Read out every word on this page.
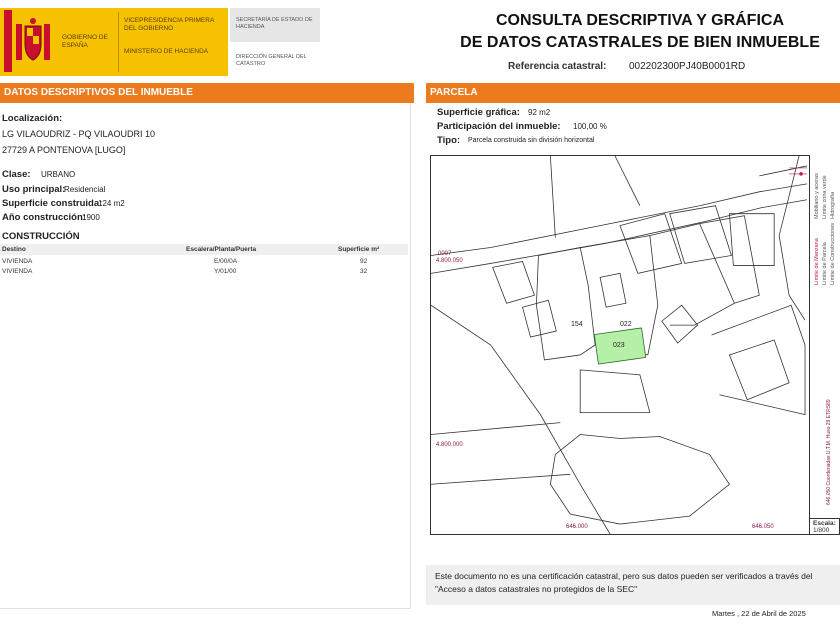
GOBIERNO DE ESPAÑA
VICEPRESIDENCIA PRIMERA DEL GOBIERNO
MINISTERIO DE HACIENDA
SECRETARÍA DE ESTADO DE HACIENDA
DIRECCIÓN GENERAL DEL CATASTRO
CONSULTA DESCRIPTIVA Y GRÁFICA
DE DATOS CATASTRALES DE BIEN INMUEBLE
Referencia catastral: 002202300PJ40B0001RD
DATOS DESCRIPTIVOS DEL INMUEBLE
Localización:
LG VILAOUDRIZ - PQ VILAOUDRI 10
27729 A PONTENOVA [LUGO]
Clase: URBANO
Uso principal:
Residencial
Superficie construida:
124 m2
Año construcción:
1900
CONSTRUCCIÓN
Destino	Escalera/Planta/Puerta	Superficie m²
VIVIENDA	E/00/0A	92
VIVIENDA	Y/01/00	32
PARCELA
Superficie gráfica: 92 m2
Participación del inmueble: 100,00 %
Tipo: Parcela construida sin división horizontal
154	022
023
0007
4.800.050
4.800.000
646.000	646.050
Límite de Manzana Límite de Parcela Límite de Construcciones
Mobiliario y aceras Límite zona verde Hidrografía
646,050 Coordenadas U.T.M. Huso 29 ETRS89
Escala:
1/800
Este documento no es una certificación catastral, pero sus datos pueden ser verificados a través del "Acceso a datos catastrales no protegidos de la SEC"
Martes , 22 de Abril de 2025
